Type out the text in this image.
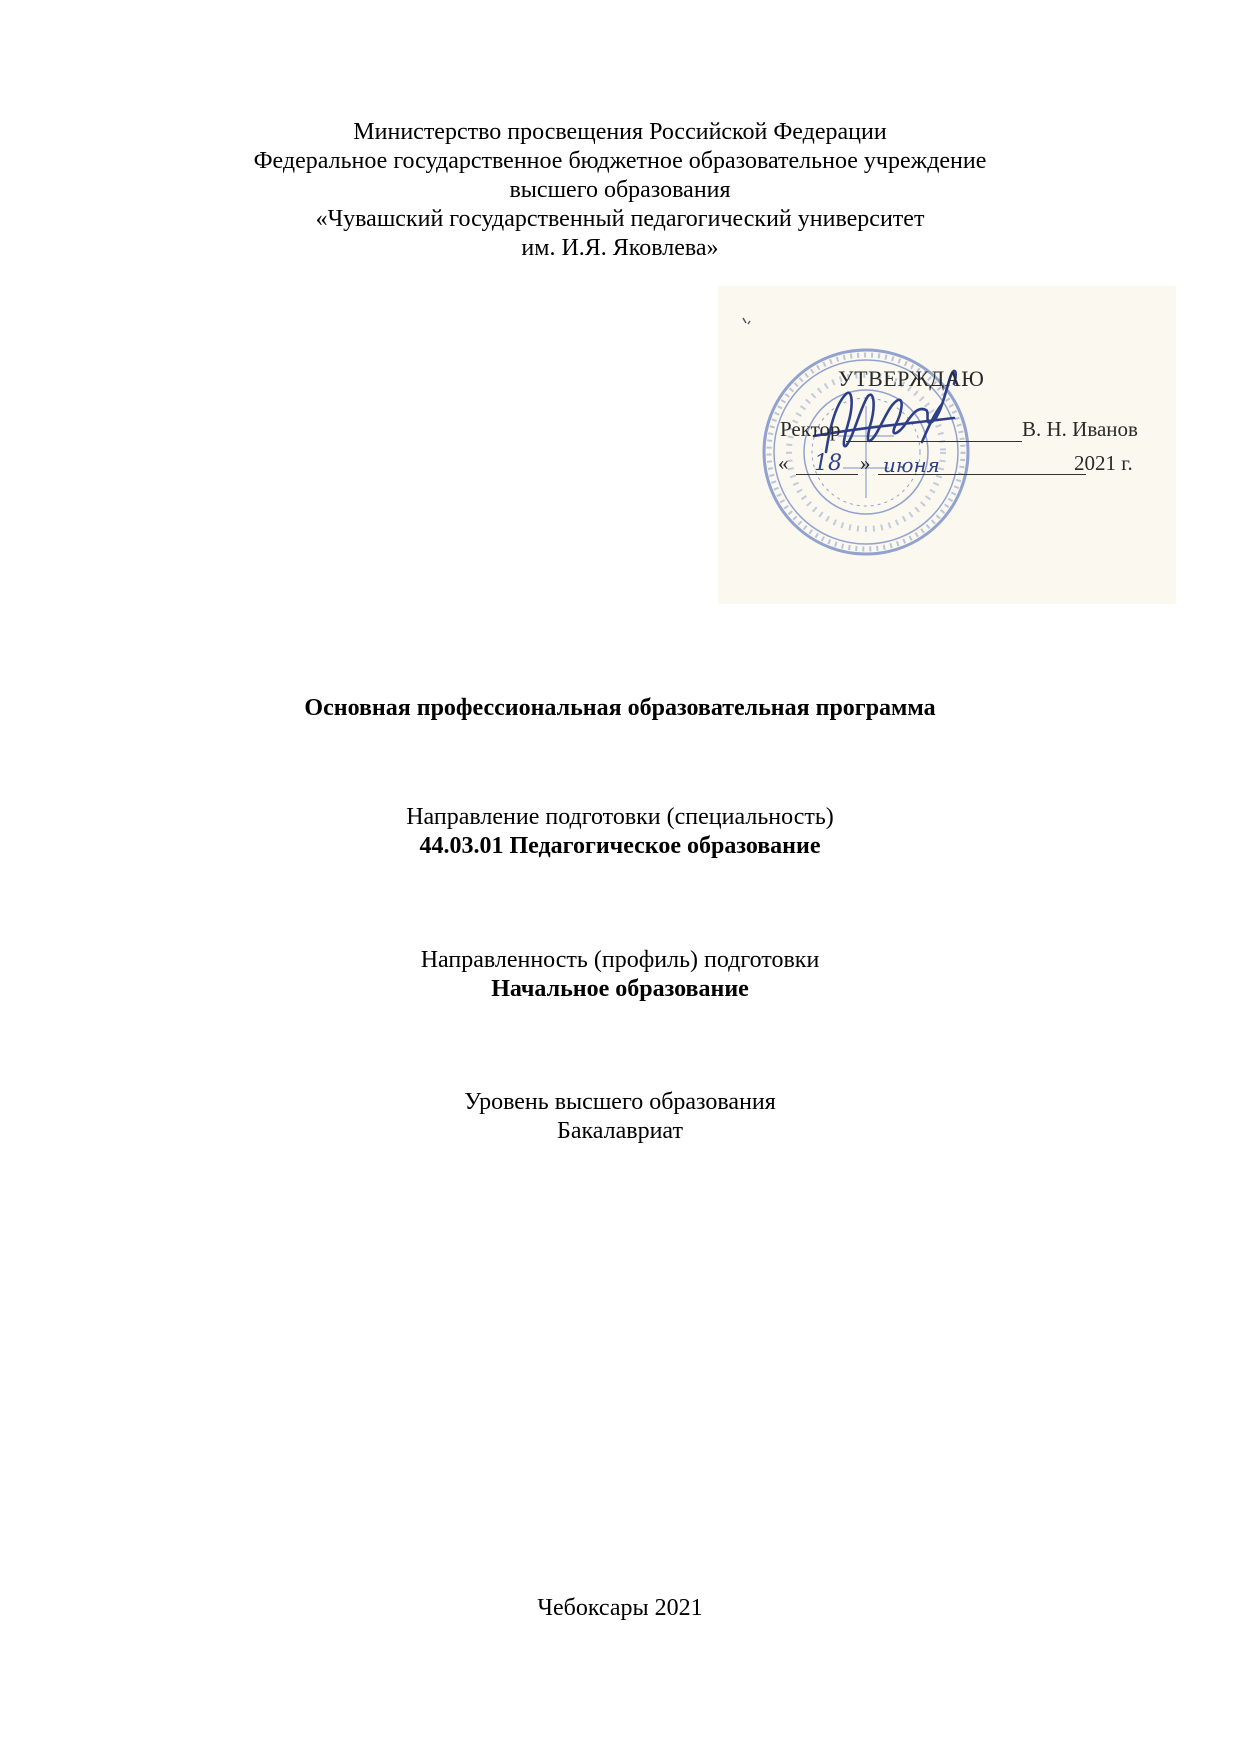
Министерство просвещения Российской Федерации
Федеральное государственное бюджетное образовательное учреждение
высшего образования
«Чувашский государственный педагогический университет
им. И.Я. Яковлева»
УТВЕРЖДАЮ
Ректор	В. Н. Иванов
«	18 » июня	2021 г.
Основная профессиональная образовательная программа
Направление подготовки (специальность)
44.03.01 Педагогическое образование
Направленность (профиль) подготовки
Начальное образование
Уровень высшего образования
Бакалавриат
Чебоксары 2021
